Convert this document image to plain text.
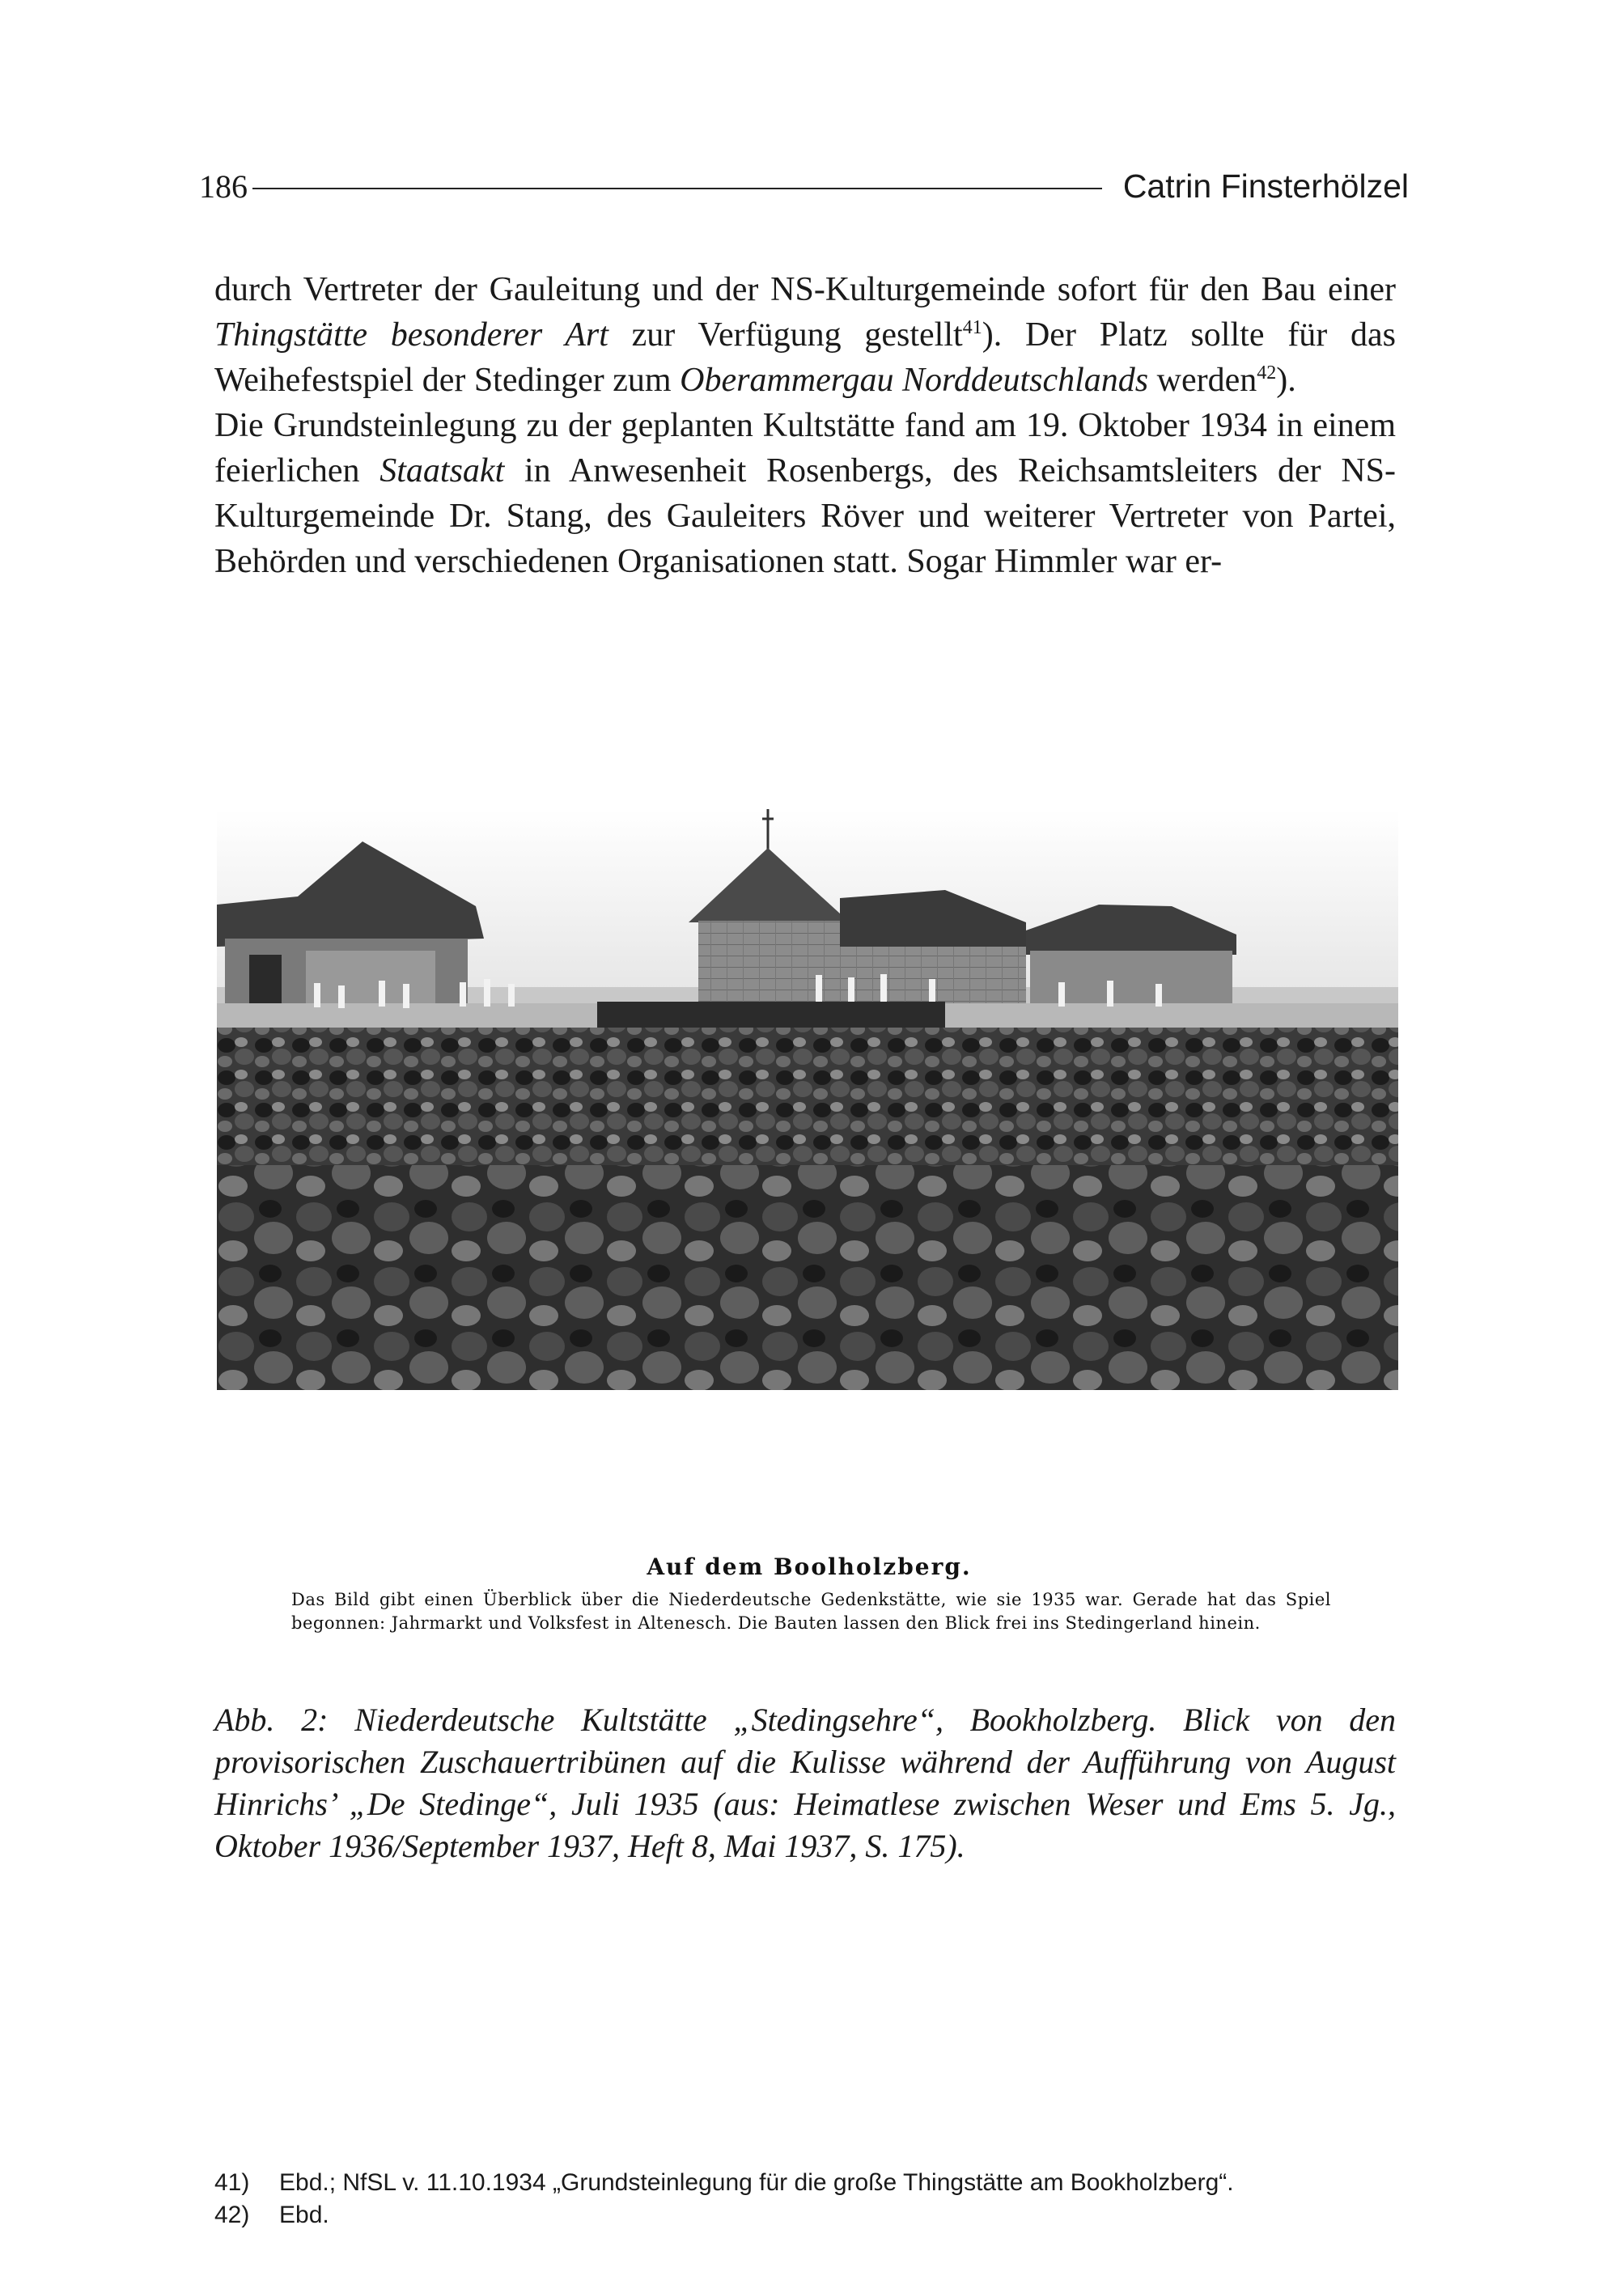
186	Catrin Finsterhölzel

durch Vertreter der Gauleitung und der NS-Kulturgemeinde sofort für den Bau einer Thingstätte besonderer Art zur Verfügung gestellt$^{41}$). Der Platz sollte für das Weihefestspiel der Stedinger zum Oberammergau Norddeutschlands werden$^{42}$).
Die Grundsteinlegung zu der geplanten Kultstätte fand am 19. Oktober 1934 in einem feierlichen Staatsakt in Anwesenheit Rosenbergs, des Reichsamtsleiters der NS-Kulturgemeinde Dr. Stang, des Gauleiters Röver und weiterer Vertreter von Partei, Behörden und verschiedenen Organisationen statt. Sogar Himmler war er-

Auf dem Boolholzberg.

Das Bild gibt einen Überblick über die Niederdeutsche Gedenkstätte, wie sie 1935 war. Gerade hat das Spiel begonnen: Jahrmarkt und Volksfest in Altenesch. Die Bauten lassen den Blick frei ins Stedingerland hinein.

Abb. 2: Niederdeutsche Kultstätte „Stedingsehre“, Bookholzberg. Blick von den provisorischen Zuschauertribünen auf die Kulisse während der Aufführung von August Hinrichs’ „De Stedinge“, Juli 1935 (aus: Heimatlese zwischen Weser und Ems 5. Jg., Oktober 1936/September 1937, Heft 8, Mai 1937, S. 175).

41) Ebd.; NfSL v. 11.10.1934 „Grundsteinlegung für die große Thingstätte am Bookholzberg“.
42) Ebd.
